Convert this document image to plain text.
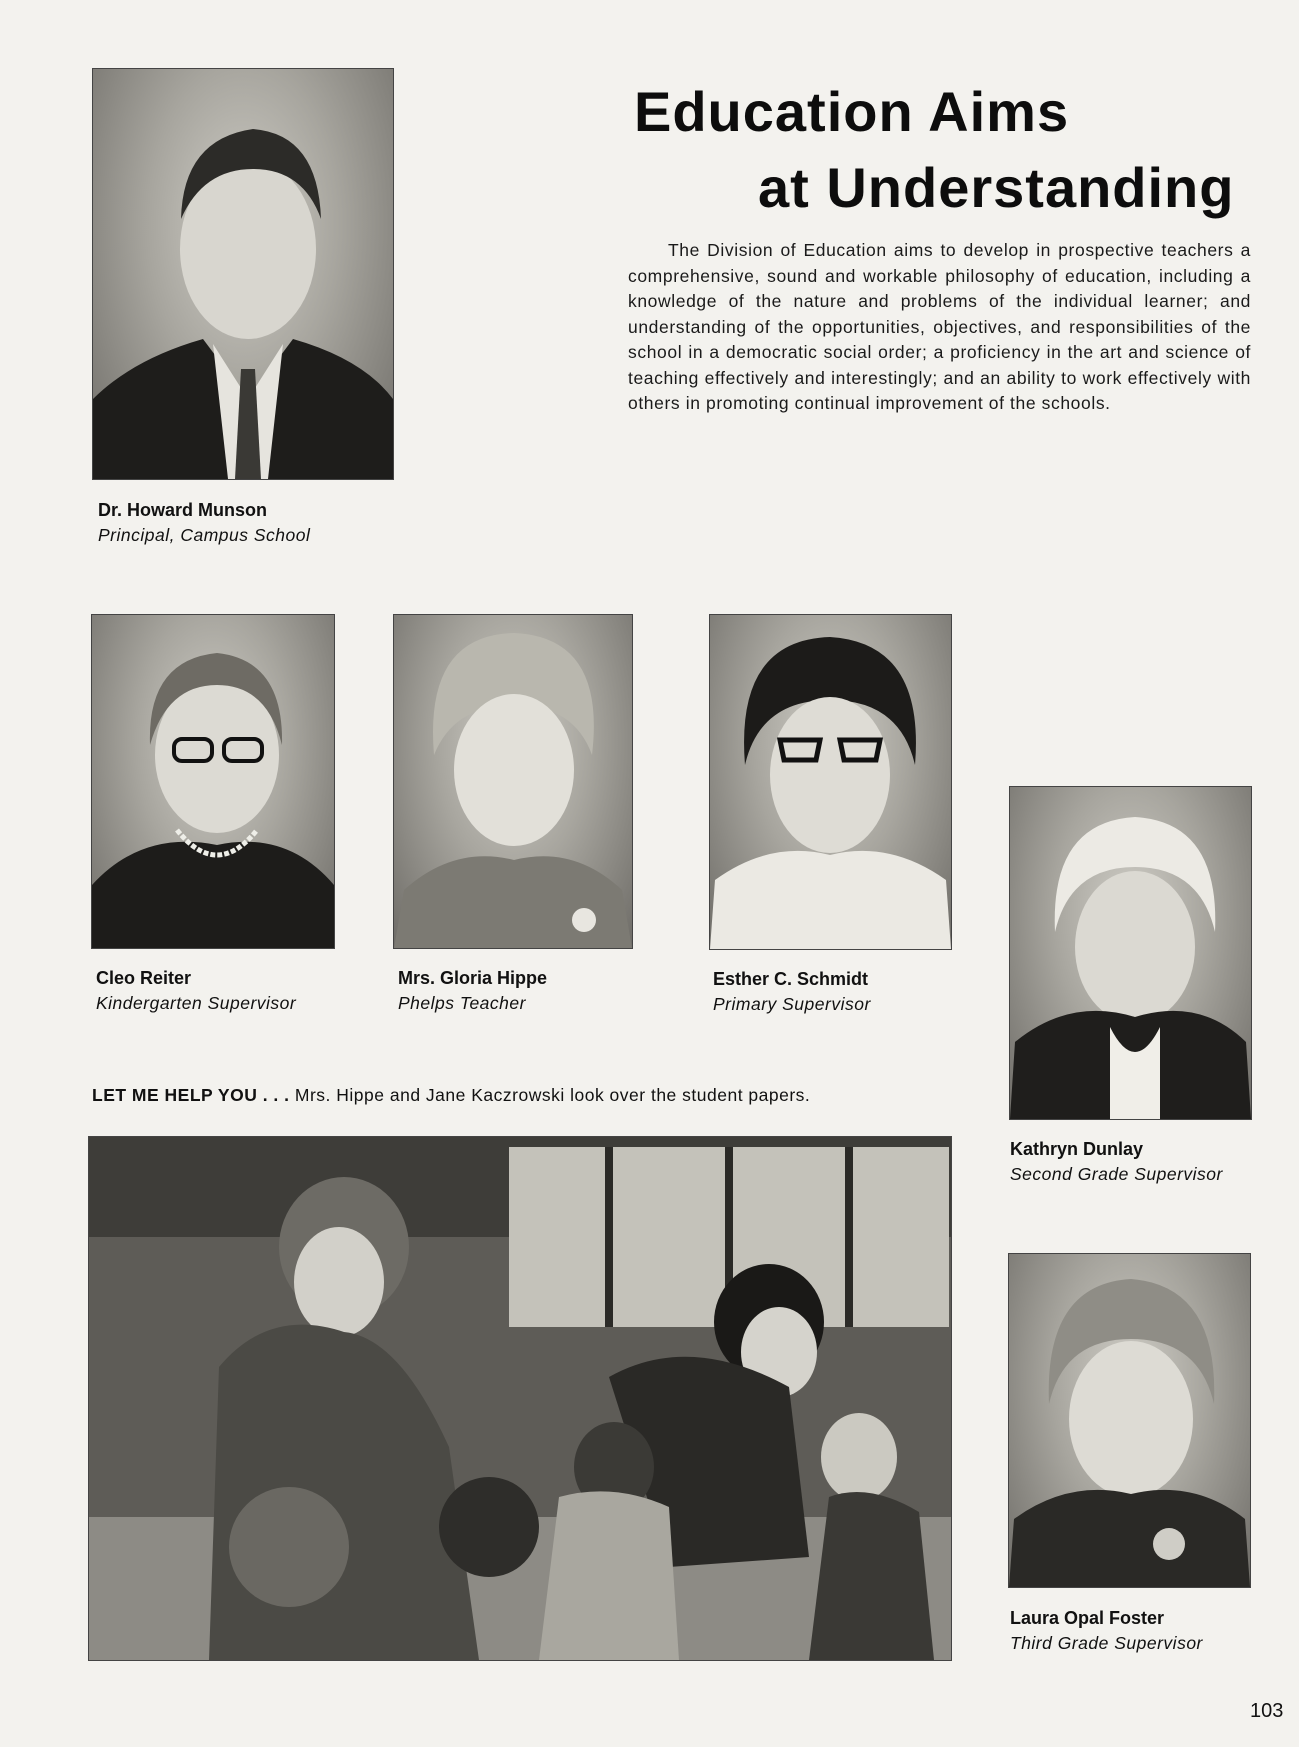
Dr. Howard Munson
Principal, Campus School
Education Aims
at Understanding

The Division of Education aims to develop in prospective teachers a comprehensive, sound and workable philosophy of education, including a knowledge of the nature and problems of the individual learner; and understanding of the opportunities, objectives, and responsibilities of the school in a democratic social order; a proficiency in the art and science of teaching effectively and interestingly; and an ability to work effectively with others in promoting continual improvement of the schools.

Cleo Reiter
Kindergarten Supervisor
Mrs. Gloria Hippe
Phelps Teacher
Esther C. Schmidt
Primary Supervisor
Kathryn Dunlay
Second Grade Supervisor
LET ME HELP YOU . . . Mrs. Hippe and Jane Kaczrowski look over the student papers.
Laura Opal Foster
Third Grade Supervisor
103
